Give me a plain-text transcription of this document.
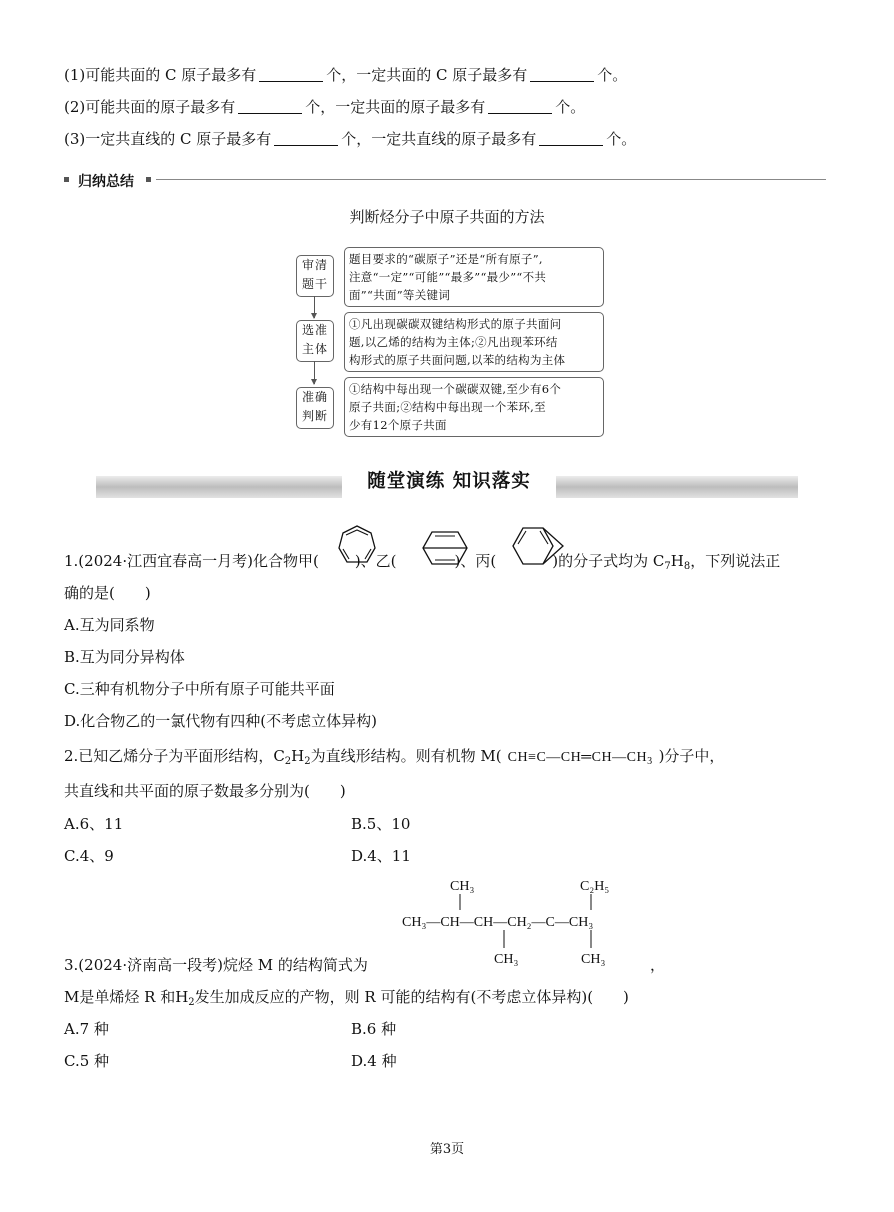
(1)可能共面的 C 原子最多有	个，一定共面的 C 原子最多有	个。
(2)可能共面的原子最多有	个，一定共面的原子最多有	个。
(3)一定共直线的 C 原子最多有	个，一定共直线的原子最多有	个。
归纳总结
判断烃分子中原子共面的方法
审清
题干
题目要求的“碳原子”还是“所有原子”,
注意“一定”“可能”“最多”“最少”“不共
面”“共面”等关键词
选准
主体
①凡出现碳碳双键结构形式的原子共面问
题,以乙烯的结构为主体;②凡出现苯环结
构形式的原子共面问题,以苯的结构为主体
准确
判断
①结构中每出现一个碳碳双键,至少有6个
原子共面;②结构中每出现一个苯环,至
少有12个原子共面
随堂演练 知识落实
1.(2024·江西宜春高一月考)化合物甲( )、乙(	)、丙(	)的分子式均为 $C_7H_8$，下列说法正
确的是(　　)
A.互为同系物
B.互为同分异构体
C.三种有机物分子中所有原子可能共平面
D.化合物乙的一氯代物有四种(不考虑立体异构)
2.已知乙烯分子为平面形结构，$C_2H_2$为直线形结构。则有机物 M( $CH\equiv C—CH═CH—CH_3$ )分子中，
共直线和共平面的原子数最多分别为(　　)
A.6、11	B.5、10
C.4、9	D.4、11
CH₃	C₂H₅
CH₃—CH—CH—CH₂—C—CH₃
CH₃	CH₃
3.(2024·济南高一段考)烷烃 M 的结构简式为	，
M是单烯烃 R 和$H_2$发生加成反应的产物，则 R 可能的结构有(不考虑立体异构)(　　)
A.7 种	B.6 种
C.5 种	D.4 种
第3页
